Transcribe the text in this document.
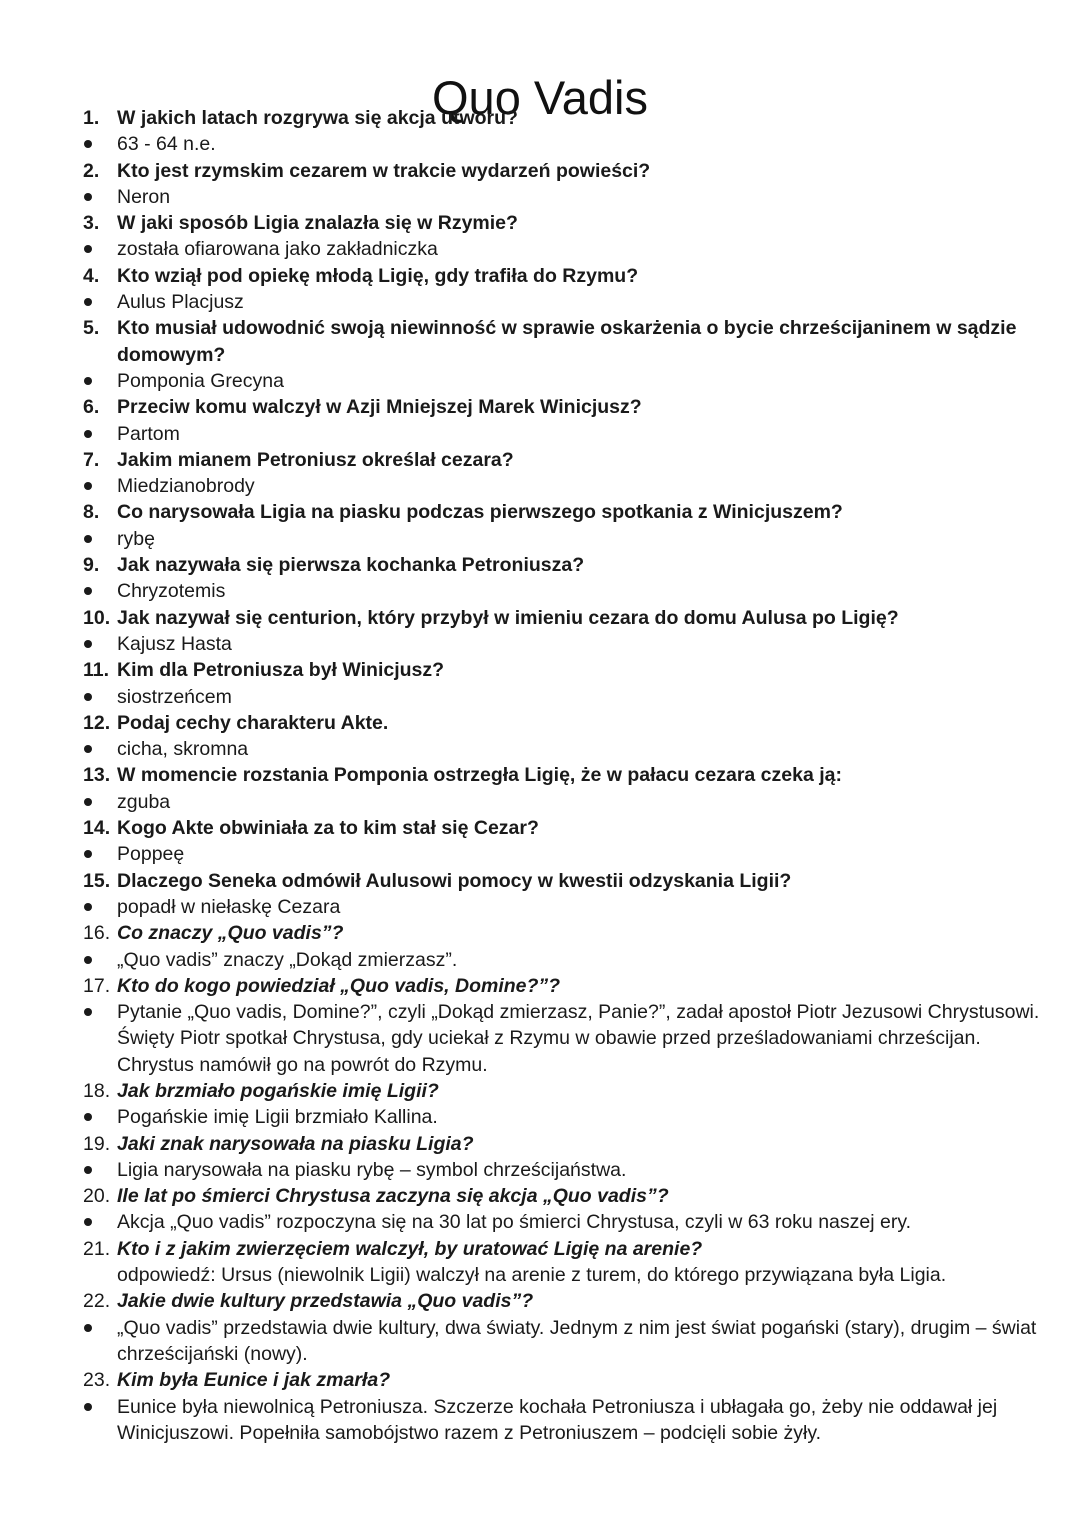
Quo Vadis
1. W jakich latach rozgrywa się akcja utworu?
63 - 64 n.e.
2. Kto jest rzymskim cezarem w trakcie wydarzeń powieści?
Neron
3. W jaki sposób Ligia znalazła się w Rzymie?
została ofiarowana jako zakładniczka
4. Kto wziął pod opiekę młodą Ligię, gdy trafiła do Rzymu?
Aulus Placjusz
5. Kto musiał udowodnić swoją niewinność w sprawie oskarżenia o bycie chrześcijaninem w sądzie domowym?
Pomponia Grecyna
6. Przeciw komu walczył w Azji Mniejszej Marek Winicjusz?
Partom
7. Jakim mianem Petroniusz określał cezara?
Miedzianobrody
8. Co narysowała Ligia na piasku podczas pierwszego spotkania z Winicjuszem?
rybę
9. Jak nazywała się pierwsza kochanka Petroniusza?
Chryzotemis
10. Jak nazywał się centurion, który przybył w imieniu cezara do domu Aulusa po Ligię?
Kajusz Hasta
11. Kim dla Petroniusza był Winicjusz?
siostrzeńcem
12. Podaj cechy charakteru Akte.
cicha, skromna
13. W momencie rozstania Pomponia ostrzegła Ligię, że w pałacu cezara czeka ją:
zguba
14. Kogo Akte obwiniała za to kim stał się Cezar?
Poppeę
15. Dlaczego Seneka odmówił Aulusowi pomocy w kwestii odzyskania Ligii?
popadł w niełaskę Cezara
16. Co znaczy „Quo vadis”?
„Quo vadis” znaczy „Dokąd zmierzasz”.
17. Kto do kogo powiedział „Quo vadis, Domine?”?
Pytanie „Quo vadis, Domine?”, czyli „Dokąd zmierzasz, Panie?”, zadał apostoł Piotr Jezusowi Chrystusowi. Święty Piotr spotkał Chrystusa, gdy uciekał z Rzymu w obawie przed prześladowaniami chrześcijan. Chrystus namówił go na powrót do Rzymu.
18. Jak brzmiało pogańskie imię Ligii?
Pogańskie imię Ligii brzmiało Kallina.
19. Jaki znak narysowała na piasku Ligia?
Ligia narysowała na piasku rybę – symbol chrześcijaństwa.
20. Ile lat po śmierci Chrystusa zaczyna się akcja „Quo vadis”?
Akcja „Quo vadis” rozpoczyna się na 30 lat po śmierci Chrystusa, czyli w 63 roku naszej ery.
21. Kto i z jakim zwierzęciem walczył, by uratować Ligię na arenie?
odpowiedź: Ursus (niewolnik Ligii) walczył na arenie z turem, do którego przywiązana była Ligia.
22. Jakie dwie kultury przedstawia „Quo vadis”?
„Quo vadis” przedstawia dwie kultury, dwa światy. Jednym z nim jest świat pogański (stary), drugim – świat chrześcijański (nowy).
23. Kim była Eunice i jak zmarła?
Eunice była niewolnicą Petroniusza. Szczerze kochała Petroniusza i ubłagała go, żeby nie oddawał jej Winicjuszowi. Popełniła samobójstwo razem z Petroniuszem – podcięli sobie żyły.
